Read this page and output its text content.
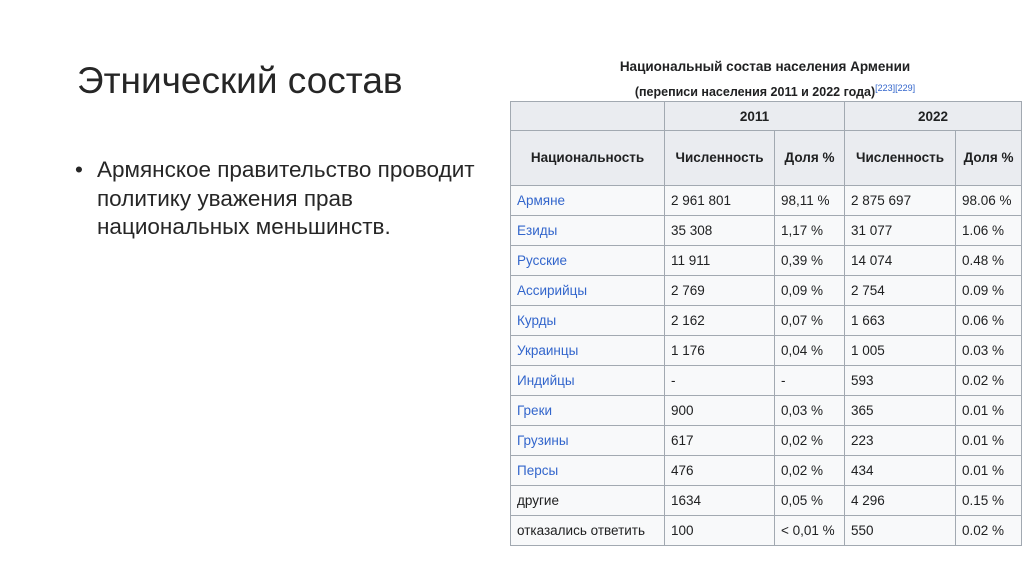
Этнический состав
• Армянское правительство проводит политику уважения прав национальных меньшинств.
Национальный состав населения Армении
(переписи населения 2011 и 2022 года)[223][229]
	2011		2022	
Национальность	Численность	Доля %	Численность	Доля %
Армяне	2 961 801	98,11 %	2 875 697	98.06 %
Езиды	35 308	1,17 %	31 077	1.06 %
Русские	11 911	0,39 %	14 074	0.48 %
Ассирийцы	2 769	0,09 %	2 754	0.09 %
Курды	2 162	0,07 %	1 663	0.06 %
Украинцы	1 176	0,04 %	1 005	0.03 %
Индийцы	-	-	593	0.02 %
Греки	900	0,03 %	365	0.01 %
Грузины	617	0,02 %	223	0.01 %
Персы	476	0,02 %	434	0.01 %
другие	1634	0,05 %	4 296	0.15 %
отказались ответить	100	< 0,01 %	550	0.02 %
